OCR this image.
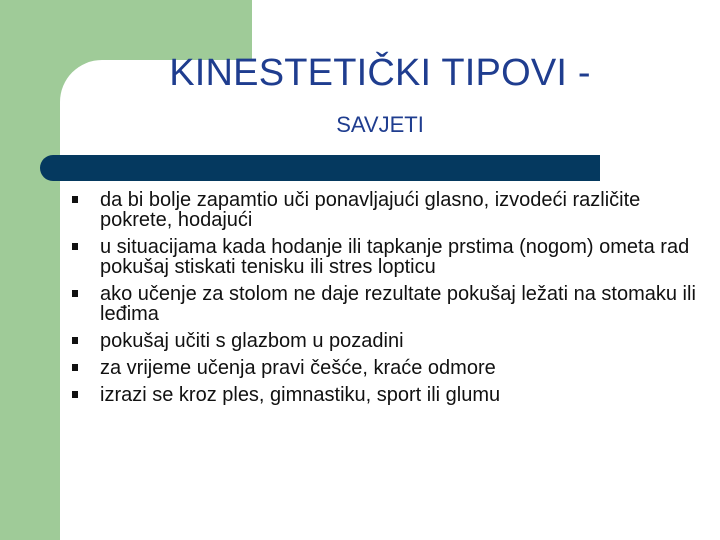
KINESTETIČKI TIPOVI -
SAVJETI
da bi bolje zapamtio uči ponavljajući glasno, izvodeći različite pokrete, hodajući
u situacijama kada hodanje ili tapkanje prstima (nogom) ometa rad pokušaj stiskati tenisku ili stres lopticu
ako učenje za stolom ne daje rezultate pokušaj ležati na stomaku ili leđima
pokušaj učiti s glazbom u pozadini
za vrijeme učenja pravi češće, kraće odmore
izrazi se kroz ples, gimnastiku, sport ili glumu
